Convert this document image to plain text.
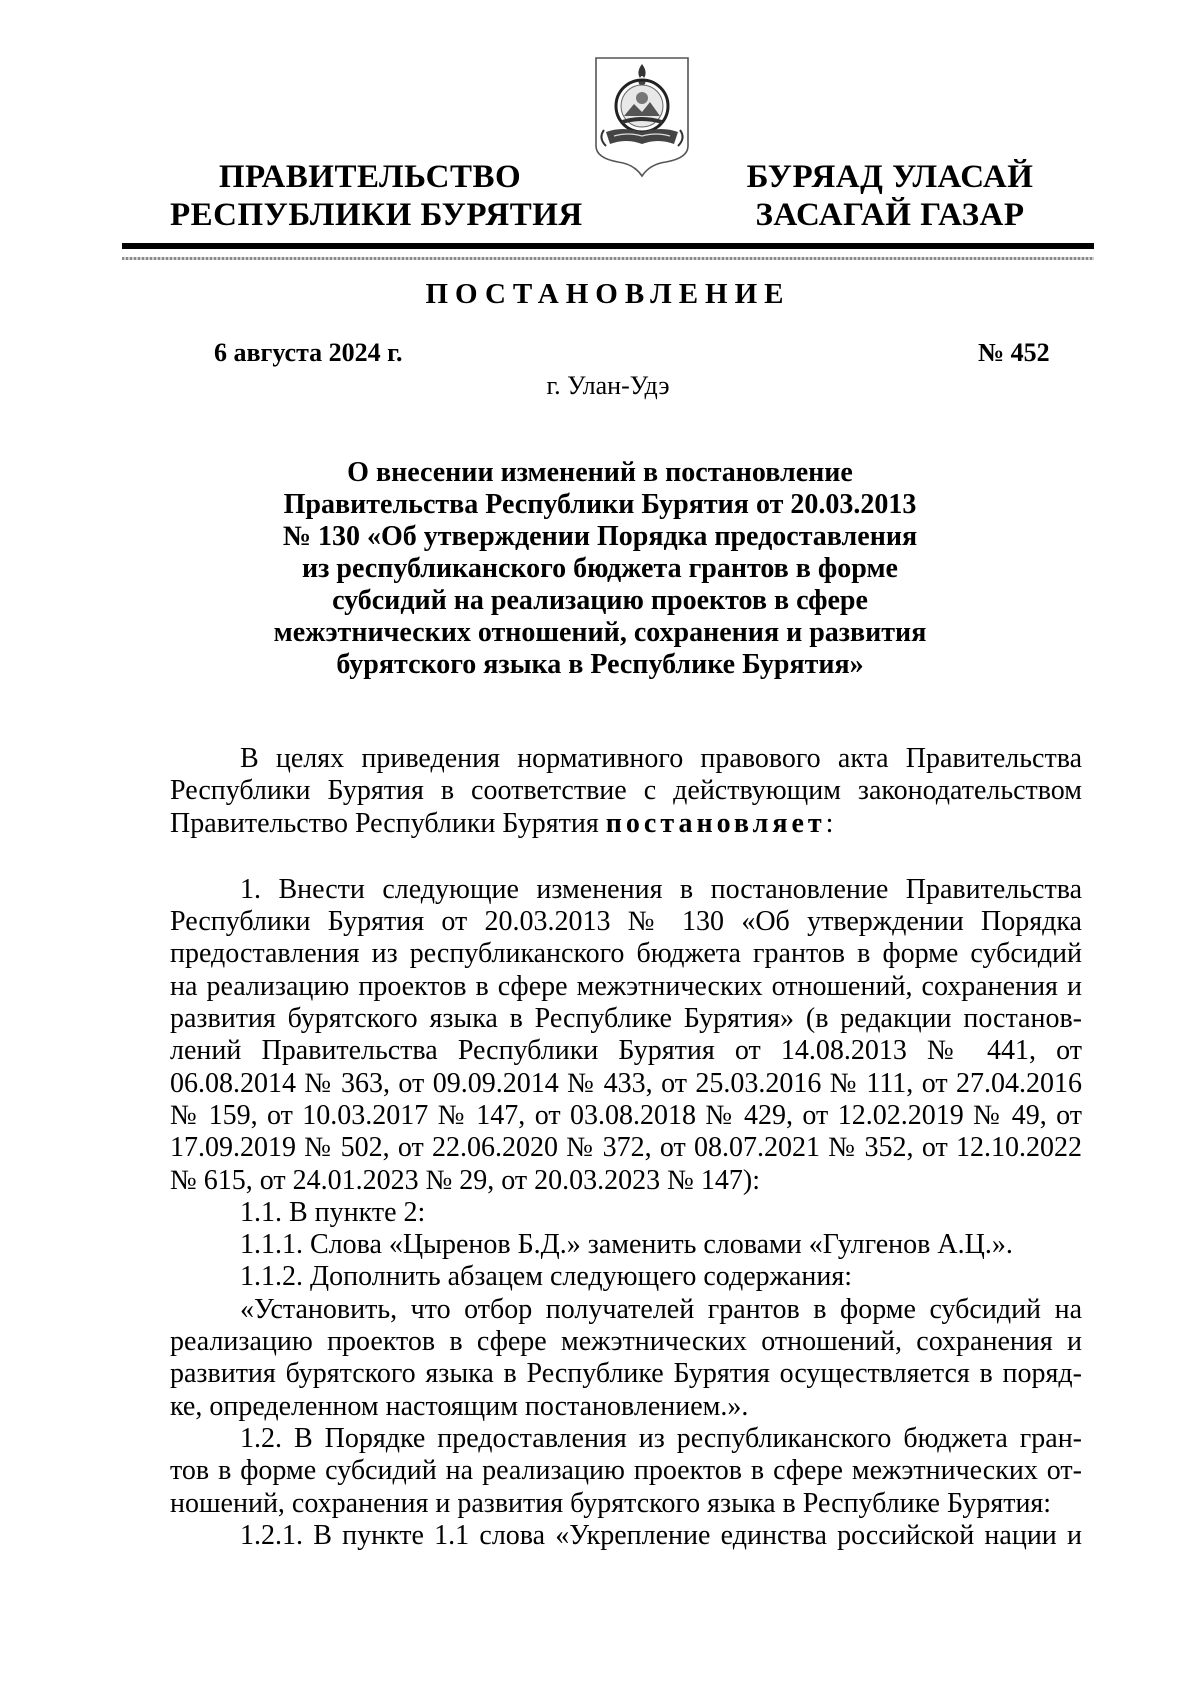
ПРАВИТЕЛЬСТВО
РЕСПУБЛИКИ БУРЯТИЯ
БУРЯАД УЛАСАЙ
ЗАСАГАЙ ГАЗАР
ПОСТАНОВЛЕНИЕ
6 августа 2024 г.	№ 452
г. Улан-Удэ
О внесении изменений в постановление
Правительства Республики Бурятия от 20.03.2013
№ 130 «Об утверждении Порядка предоставления
из республиканского бюджета грантов в форме
субсидий на реализацию проектов в сфере
межэтнических отношений, сохранения и развития
бурятского языка в Республике Бурятия»
В целях приведения нормативного правового акта Правительства
Республики Бурятия в соответствие с действующим законодательством
Правительство Республики Бурятия постановляет:
1. Внести следующие изменения в постановление Правительства
Республики Бурятия от 20.03.2013 № 130 «Об утверждении Порядка
предоставления из республиканского бюджета грантов в форме субсидий
на реализацию проектов в сфере межэтнических отношений, сохранения и
развития бурятского языка в Республике Бурятия» (в редакции постанов-
лений Правительства Республики Бурятия от 14.08.2013 № 441, от
06.08.2014 № 363, от 09.09.2014 № 433, от 25.03.2016 № 111, от 27.04.2016
№ 159, от 10.03.2017 № 147, от 03.08.2018 № 429, от 12.02.2019 № 49, от
17.09.2019 № 502, от 22.06.2020 № 372, от 08.07.2021 № 352, от 12.10.2022
№ 615, от 24.01.2023 № 29, от 20.03.2023 № 147):
1.1. В пункте 2:
1.1.1. Слова «Цыренов Б.Д.» заменить словами «Гулгенов А.Ц.».
1.1.2. Дополнить абзацем следующего содержания:
«Установить, что отбор получателей грантов в форме субсидий на
реализацию проектов в сфере межэтнических отношений, сохранения и
развития бурятского языка в Республике Бурятия осуществляется в поряд-
ке, определенном настоящим постановлением.».
1.2. В Порядке предоставления из республиканского бюджета гран-
тов в форме субсидий на реализацию проектов в сфере межэтнических от-
ношений, сохранения и развития бурятского языка в Республике Бурятия:
1.2.1. В пункте 1.1 слова «Укрепление единства российской нации и
